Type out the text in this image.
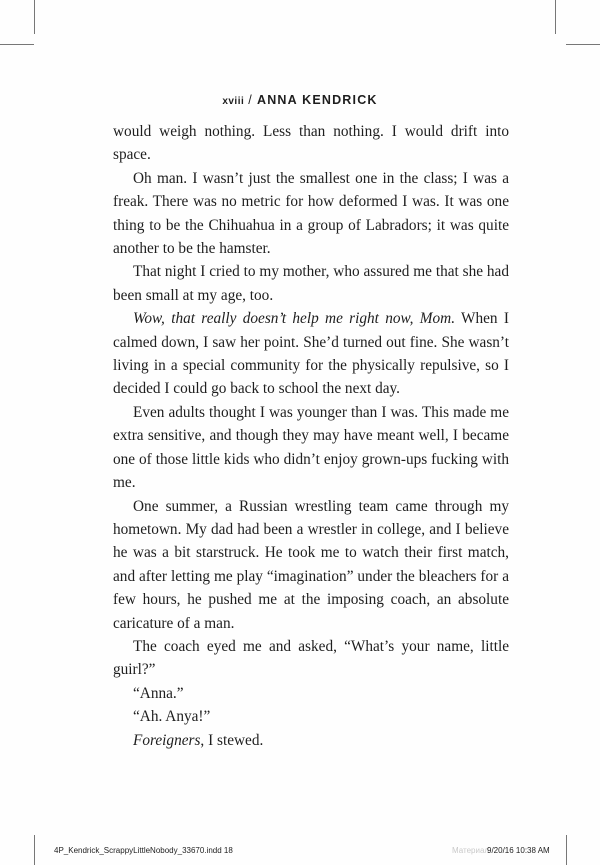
xviii / ANNA KENDRICK

would weigh nothing. Less than nothing. I would drift into space.

Oh man. I wasn’t just the smallest one in the class; I was a freak. There was no metric for how deformed I was. It was one thing to be the Chihuahua in a group of Labradors; it was quite another to be the hamster.

That night I cried to my mother, who assured me that she had been small at my age, too.

Wow, that really doesn’t help me right now, Mom. When I calmed down, I saw her point. She’d turned out fine. She wasn’t living in a special community for the physically repulsive, so I decided I could go back to school the next day.

Even adults thought I was younger than I was. This made me extra sensitive, and though they may have meant well, I became one of those little kids who didn’t enjoy grown-ups fucking with me.

One summer, a Russian wrestling team came through my hometown. My dad had been a wrestler in college, and I believe he was a bit starstruck. He took me to watch their first match, and after letting me play “imagination” under the bleachers for a few hours, he pushed me at the imposing coach, an absolute caricature of a man.

The coach eyed me and asked, “What’s your name, little guirl?”

“Anna.”

“Ah. Anya!”

Foreigners, I stewed.

4P_Kendrick_ScrappyLittleNobody_33670.indd 18	Материал
9/20/16 10:38 AM
